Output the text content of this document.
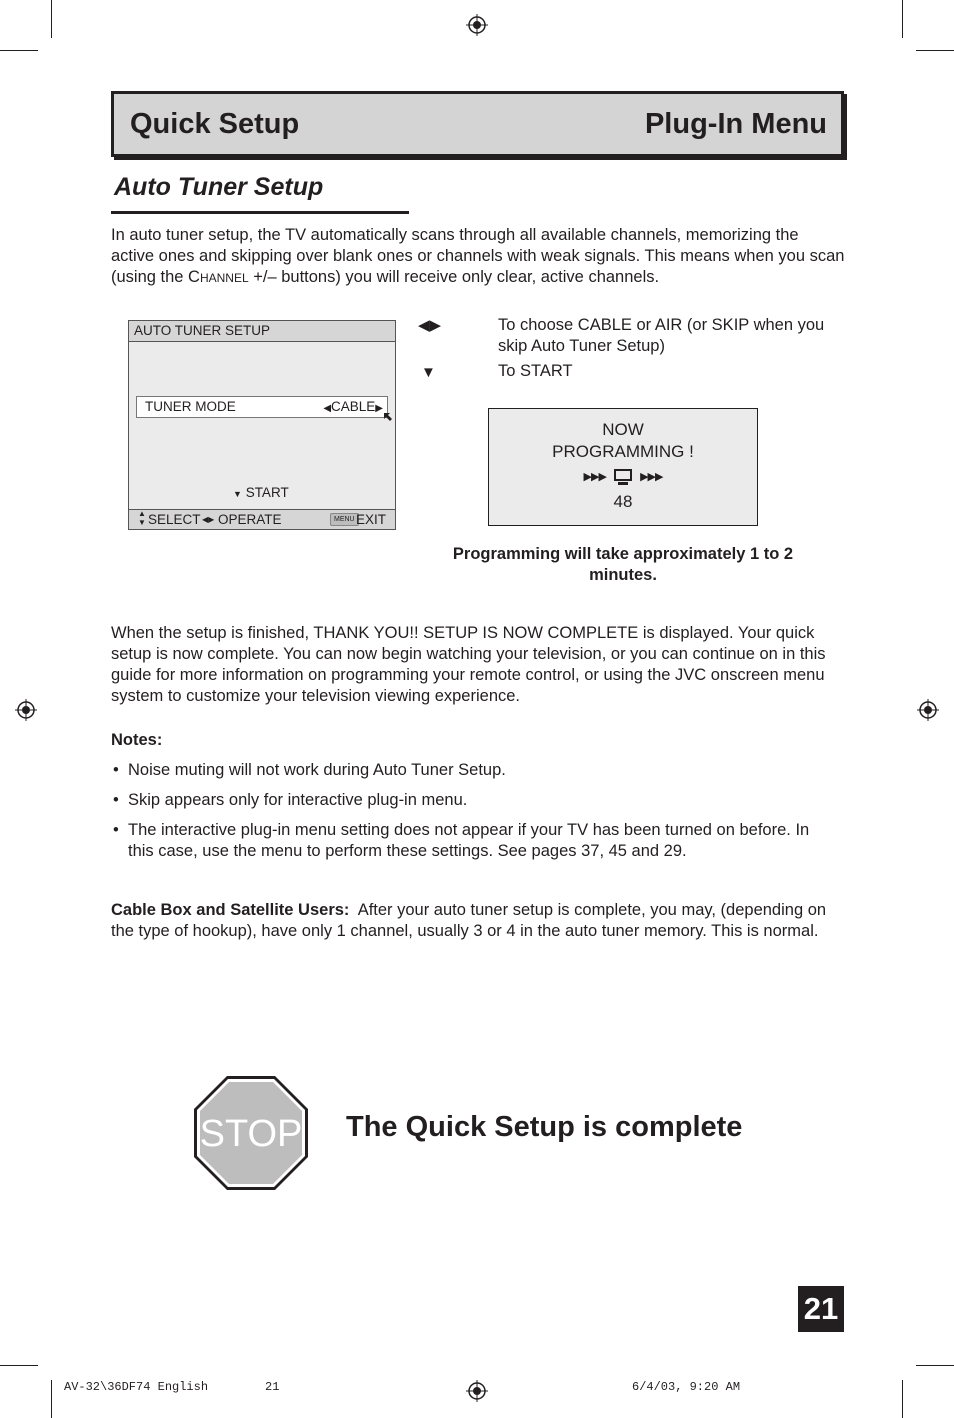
Quick Setup	Plug-In Menu
Auto Tuner Setup
In auto tuner setup, the TV automatically scans through all available channels, memorizing the active ones and skipping over blank ones or channels with weak signals. This means when you scan (using the Channel +/– buttons) you will receive only clear, active channels.
AUTO TUNER SETUP
TUNER MODE	◀CABLE▶
▼ START
▲
▼ SELECT ◀▶ OPERATE	MENU EXIT
◀▶	To choose CABLE or AIR (or SKIP when you skip Auto Tuner Setup)
▼	To START
NOW
PROGRAMMING !
▶▶▶	▶▶▶
48
Programming will take approximately 1 to 2 minutes.
When the setup is finished, THANK YOU!! SETUP IS NOW COMPLETE is displayed. Your quick setup is now complete. You can now begin watching your television, or you can continue on in this guide for more information on programming your remote control, or using the JVC onscreen menu system to customize your television viewing experience.
Notes:
• Noise muting will not work during Auto Tuner Setup.
• Skip appears only for interactive plug-in menu.
• The interactive plug-in menu setting does not appear if your TV has been turned on before. In this case, use the menu to perform these settings. See pages 37, 45 and 29.
Cable Box and Satellite Users: After your auto tuner setup is complete, you may, (depending on the type of hookup), have only 1 channel, usually 3 or 4 in the auto tuner memory. This is normal.
STOP The Quick Setup is complete
21
AV-32\36DF74 English	21	6/4/03, 9:20 AM
